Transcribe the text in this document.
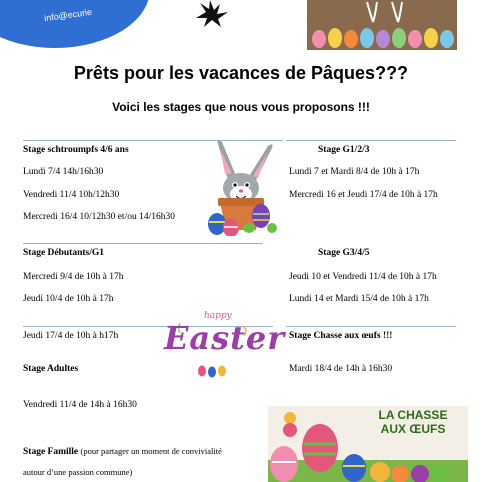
info@ecurie
Prêts pour les vacances de Pâques???
Voici les stages que nous vous proposons !!!
Stage schtroumpfs 4/6 ans
Lundi 7/4 14h/16h30
Vendredi 11/4 10h/12h30
Mercredi 16/4 10/12h30 et/ou 14/16h30
Stage Débutants/G1
Mercredi 9/4 de 10h à 17h
Jeudi 10/4 de 10h à 17h
Jeudi 17/4 de 10h à h17h
Stage Adultes
Vendredi 11/4 de 14h à 16h30
Stage Famille (pour partager un moment de convivialité
autour d’une passion commune)
Stage G1/2/3
Lundi 7 et Mardi 8/4 de 10h à 17h
Mercredi 16 et Jeudi 17/4 de 10h à 17h
Stage G3/4/5
Jeudi 10 et Vendredi 11/4 de 10h à 17h
Lundi 14 et Mardi 15/4 de 10h à 17h
Stage Chasse aux œufs !!!
Mardi 18/4 de 14h à 16h30
happy
Easter
LA CHASSE
AUX ŒUFS
